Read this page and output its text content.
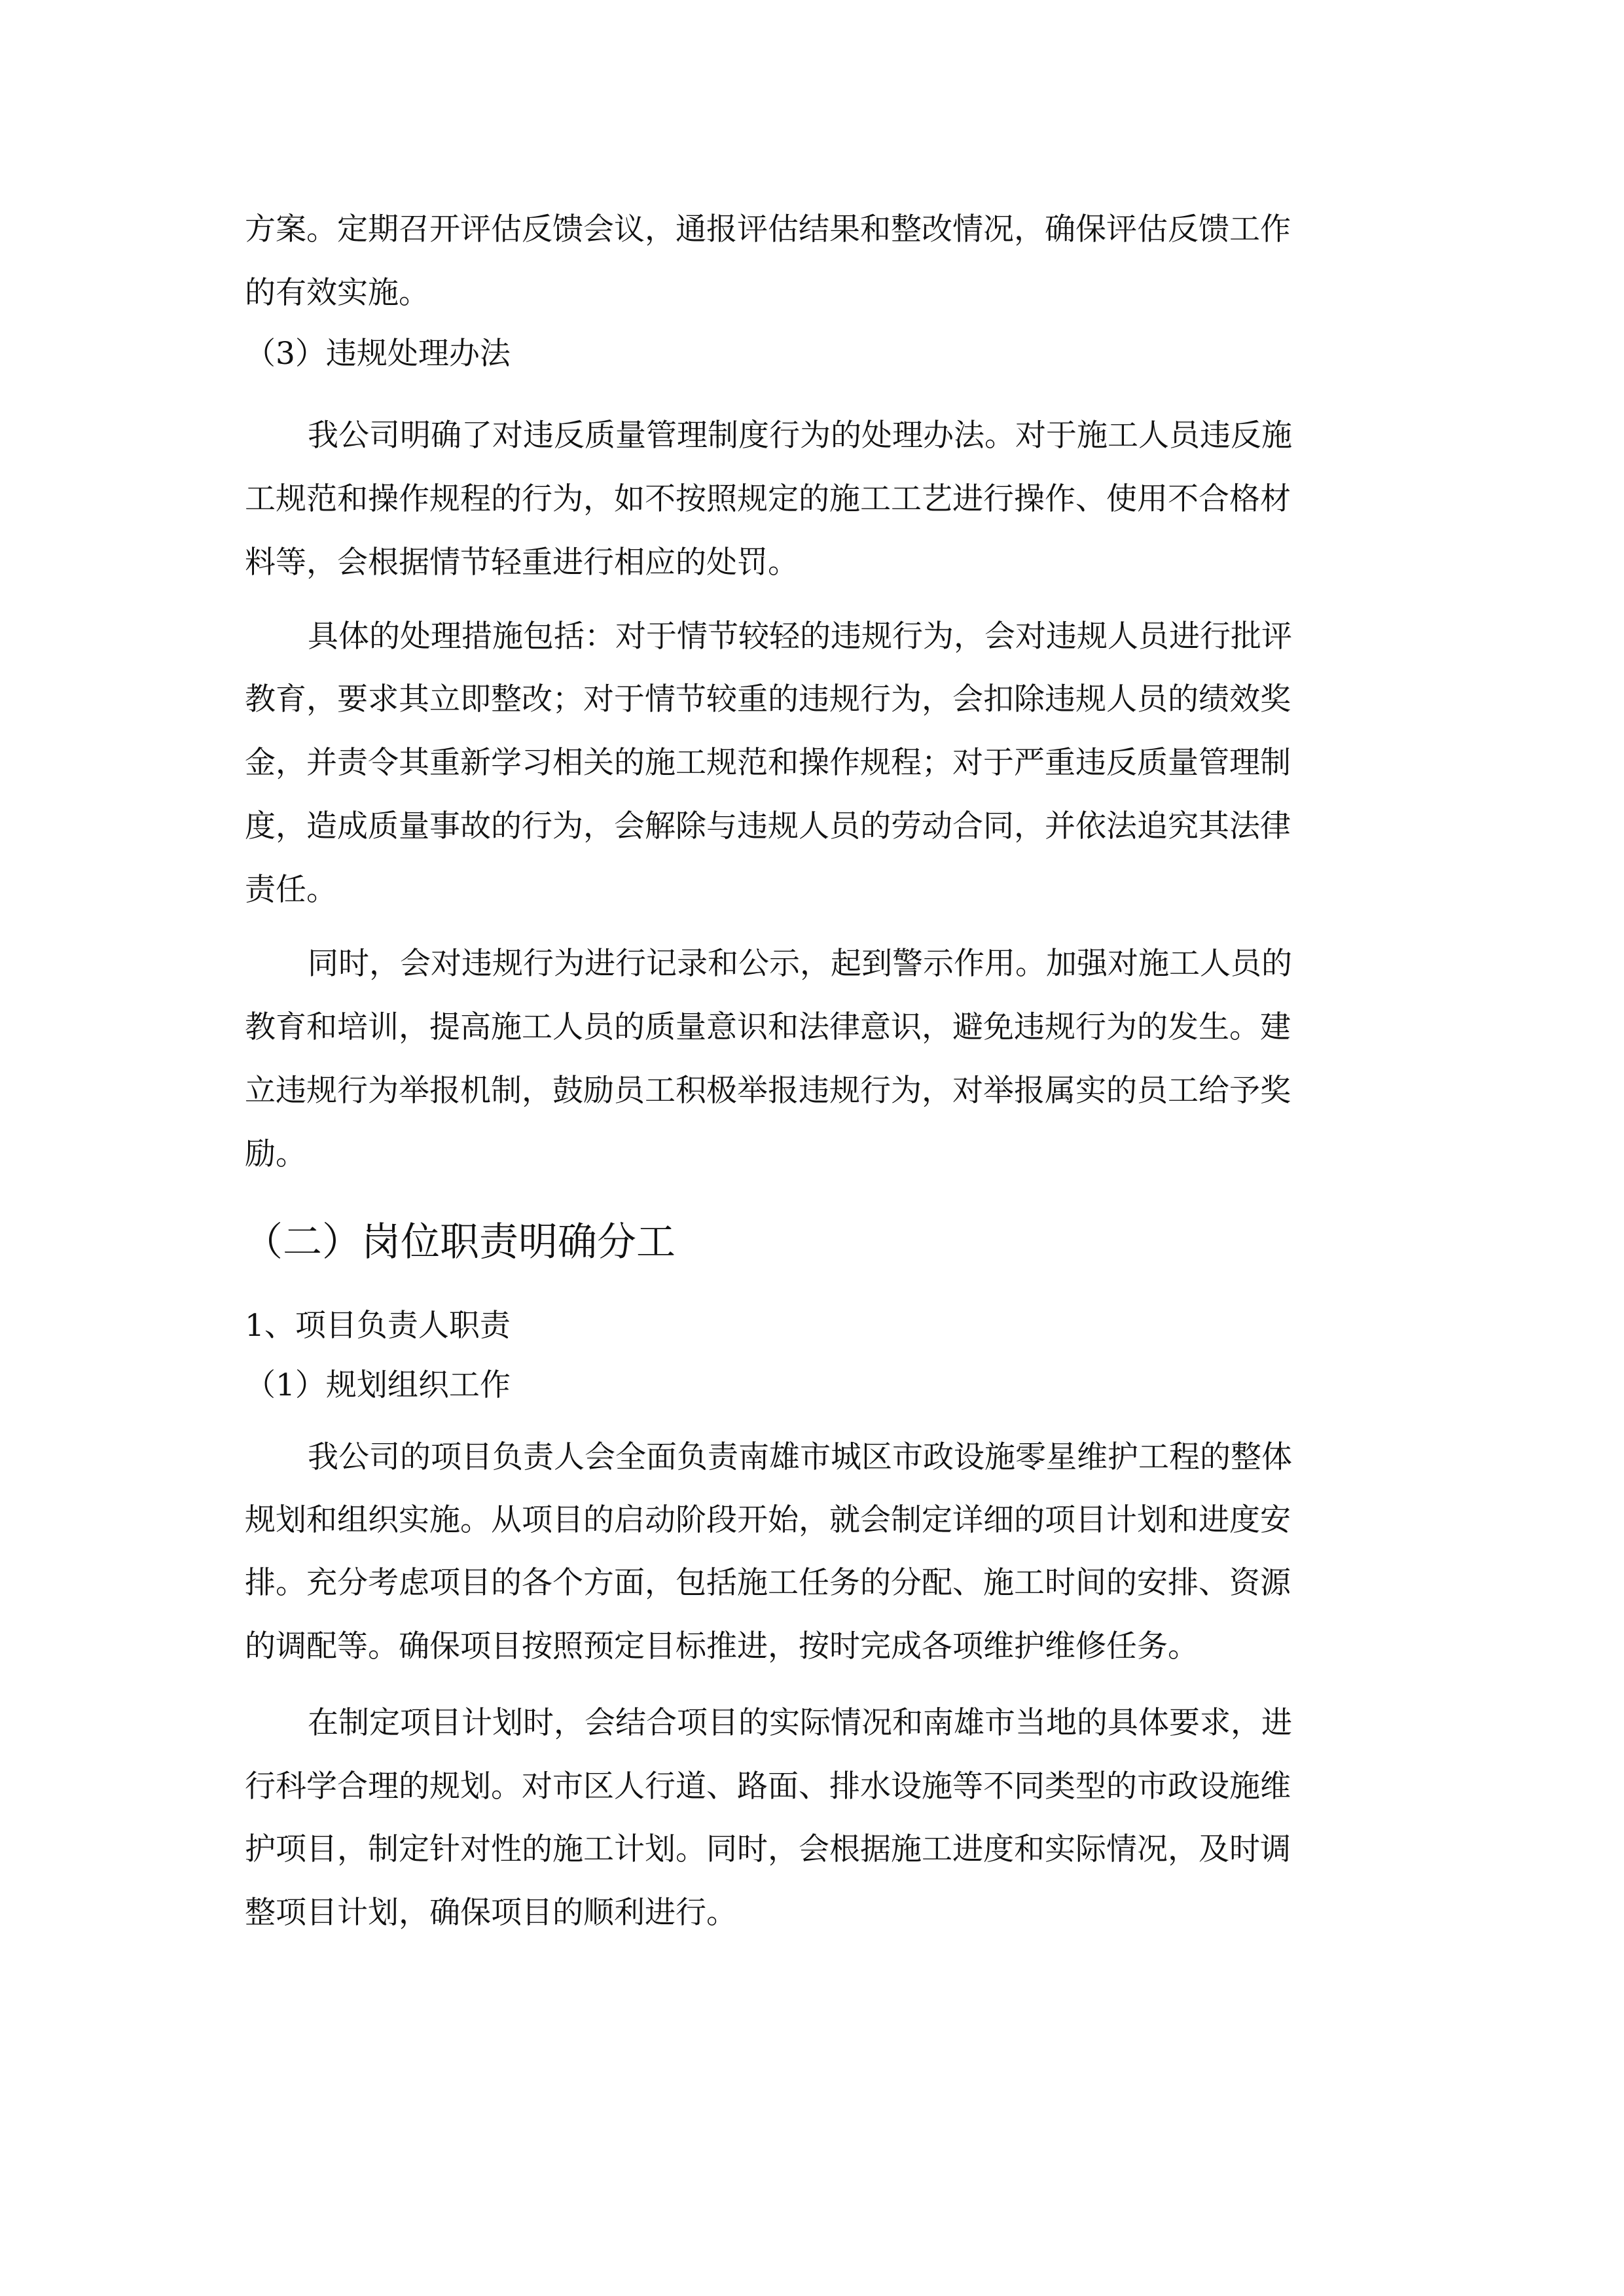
方案。定期召开评估反馈会议，通报评估结果和整改情况，确保评估反馈工作

的有效实施。

（3）违规处理办法

我公司明确了对违反质量管理制度行为的处理办法。对于施工人员违反施

工规范和操作规程的行为，如不按照规定的施工工艺进行操作、使用不合格材

料等，会根据情节轻重进行相应的处罚。

具体的处理措施包括：对于情节较轻的违规行为，会对违规人员进行批评

教育，要求其立即整改；对于情节较重的违规行为，会扣除违规人员的绩效奖

金，并责令其重新学习相关的施工规范和操作规程；对于严重违反质量管理制

度，造成质量事故的行为，会解除与违规人员的劳动合同，并依法追究其法律

责任。

同时，会对违规行为进行记录和公示，起到警示作用。加强对施工人员的

教育和培训，提高施工人员的质量意识和法律意识，避免违规行为的发生。建

立违规行为举报机制，鼓励员工积极举报违规行为，对举报属实的员工给予奖

励。

（二）岗位职责明确分工

1、项目负责人职责

（1）规划组织工作

我公司的项目负责人会全面负责南雄市城区市政设施零星维护工程的整体

规划和组织实施。从项目的启动阶段开始，就会制定详细的项目计划和进度安

排。充分考虑项目的各个方面，包括施工任务的分配、施工时间的安排、资源

的调配等。确保项目按照预定目标推进，按时完成各项维护维修任务。

在制定项目计划时，会结合项目的实际情况和南雄市当地的具体要求，进

行科学合理的规划。对市区人行道、路面、排水设施等不同类型的市政设施维

护项目，制定针对性的施工计划。同时，会根据施工进度和实际情况，及时调

整项目计划，确保项目的顺利进行。
